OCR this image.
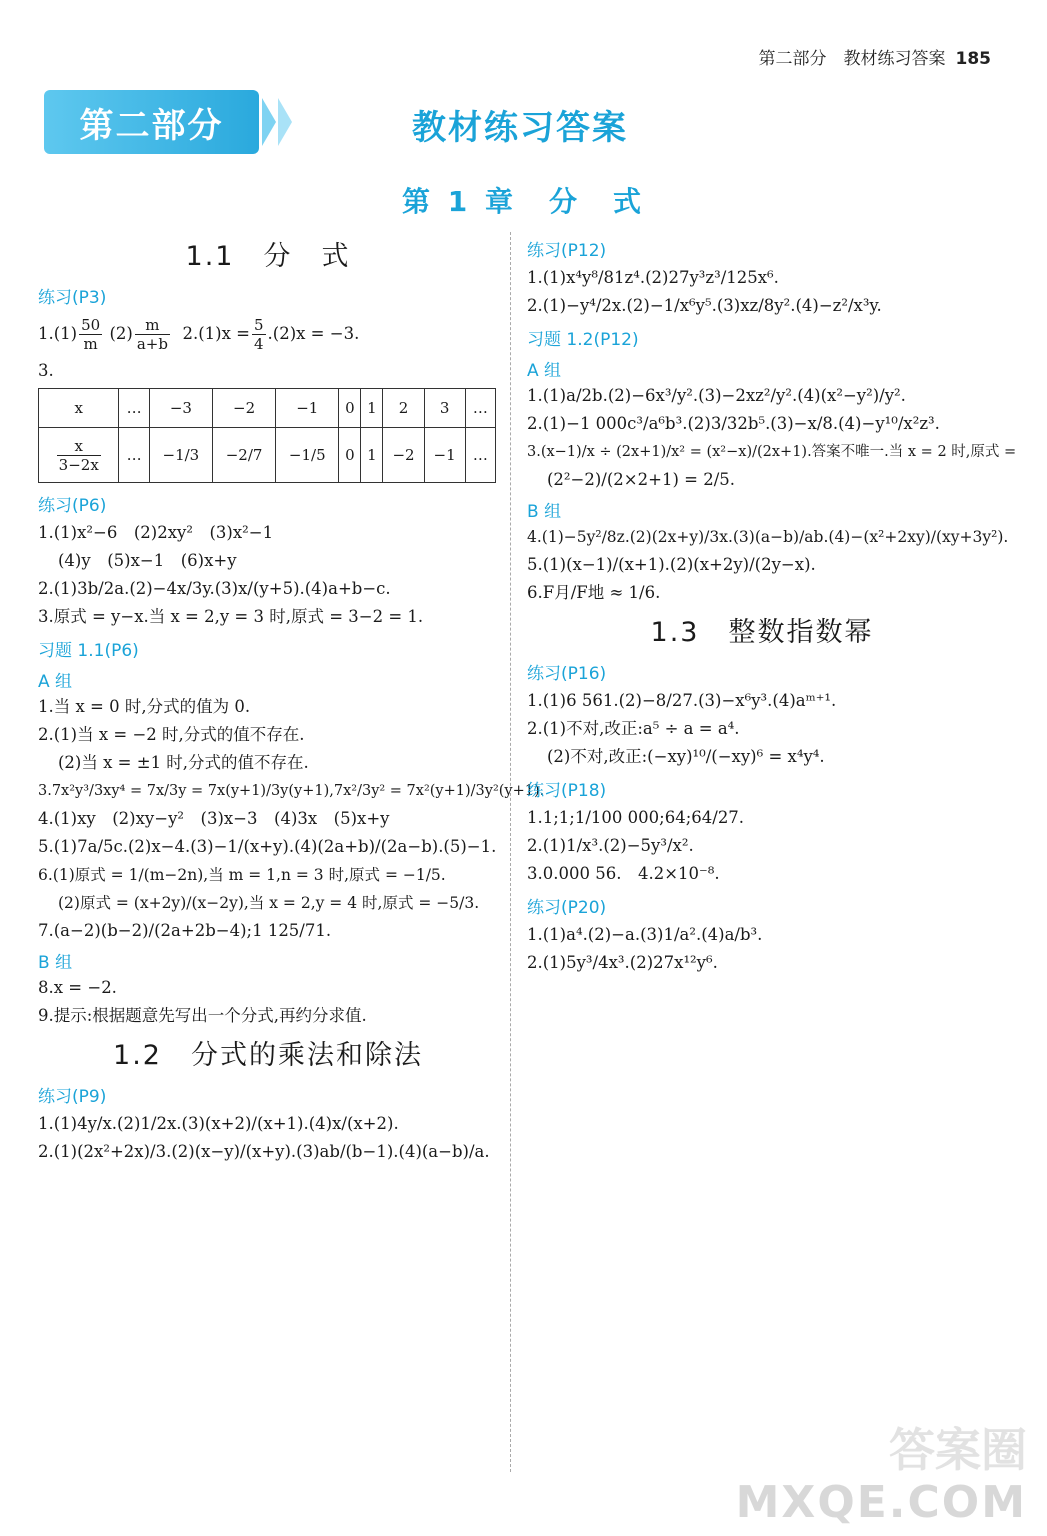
第二部分　教材练习答案 185
第二部分	教材练习答案
第 1 章　分　式
1.1　分　式
练习(P3)
1. $(1) \frac{50}{m}$
$(2) \frac{m}{a+b}$
$2.(1)x = \frac{5}{4} .(2)x = -3$.
3.
x	…	−3	−2	−1	0	1	2	3	…

$\frac{x}{3-2x}$	…	−1/3	−2/7	−1/5	0	1	−2	−1	…
练习(P6)
1.(1)x²−6　(2)2xy²　(3)x²−1
(4)y　(5)x−1　(6)x+y
2.(1)3b/2a.(2)−4x/3y.(3)x/(y+5).(4)a+b−c.
3.原式 = y−x.当 x = 2,y = 3 时,原式 = 3−2 = 1.
习题 1.1(P6)
A 组
1.当 x = 0 时,分式的值为 0.
2.(1)当 x = −2 时,分式的值不存在.
(2)当 x = ±1 时,分式的值不存在.
3.7x²y³/3xy⁴ = 7x/3y = 7x(y+1)/3y(y+1),7x²/3y² = 7x²(y+1)/3y²(y+1).
4.(1)xy　(2)xy−y²　(3)x−3　(4)3x　(5)x+y
5.(1)7a/5c.(2)x−4.(3)−1/(x+y).(4)(2a+b)/(2a−b).(5)−1.
6.(1)原式 = 1/(m−2n),当 m = 1,n = 3 时,原式 = −1/5.
(2)原式 = (x+2y)/(x−2y),当 x = 2,y = 4 时,原式 = −5/3.
7.(a−2)(b−2)/(2a+2b−4);1 125/71.
B 组
8.x = −2.
9.提示:根据题意先写出一个分式,再约分求值.
1.2　分式的乘法和除法
练习(P9)
1.(1)4y/x.(2)1/2x.(3)(x+2)/(x+1).(4)x/(x+2).
2.(1)(2x²+2x)/3.(2)(x−y)/(x+y).(3)ab/(b−1).(4)(a−b)/a.
练习(P12)
1.(1)x⁴y⁸/81z⁴.(2)27y³z³/125x⁶.
2.(1)−y⁴/2x.(2)−1/x⁶y⁵.(3)xz/8y².(4)−z²/x³y.
习题 1.2(P12)
A 组
1.(1)a/2b.(2)−6x³/y².(3)−2xz²/y².(4)(x²−y²)/y².
2.(1)−1 000c³/a⁶b³.(2)3/32b⁵.(3)−x/8.(4)−y¹⁰/x²z³.
3.(x−1)/x ÷ (2x+1)/x² = (x²−x)/(2x+1).答案不唯一.当 x = 2 时,原式 =
(2²−2)/(2×2+1) = 2/5.
B 组
4.(1)−5y²/8z.(2)(2x+y)/3x.(3)(a−b)/ab.(4)−(x²+2xy)/(xy+3y²).
5.(1)(x−1)/(x+1).(2)(x+2y)/(2y−x).
6.F月/F地 ≈ 1/6.
1.3　整数指数幂
练习(P16)
1.(1)6 561.(2)−8/27.(3)−x⁶y³.(4)aᵐ⁺¹.
2.(1)不对,改正:a⁵ ÷ a = a⁴.
(2)不对,改正:(−xy)¹⁰/(−xy)⁶ = x⁴y⁴.
练习(P18)
1.1;1;1/100 000;64;64/27.
2.(1)1/x³.(2)−5y³/x².
3.0.000 56.　4.2×10⁻⁸.
练习(P20)
1.(1)a⁴.(2)−a.(3)1/a².(4)a/b³.
2.(1)5y³/4x³.(2)27x¹²y⁶.
答案圈
MXQE.COM
